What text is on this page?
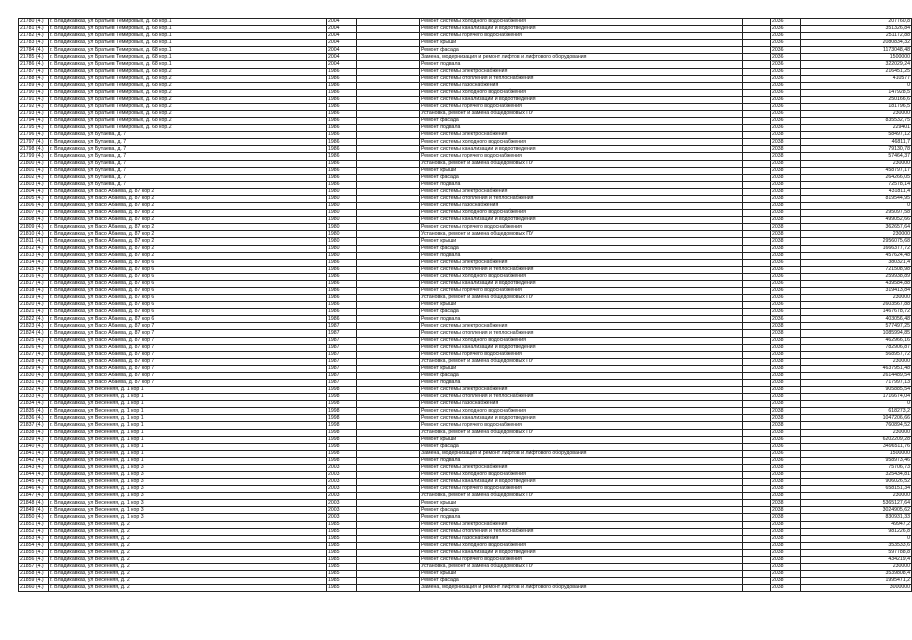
21780 (4.)	г. Владикавказ, ул Братьев Темировых, д. 68 кор.1	2004		Ремонт системы холодного водоснабжения		2036	207760,8
21781 (4.)	г. Владикавказ, ул Братьев Темировых, д. 68 кор.1	2004		Ремонт системы канализации и водоотведения		2036	351326,84
21782 (4.)	г. Владикавказ, ул Братьев Темировых, д. 68 кор.1	2004		Ремонт системы горячего водоснабжения		2036	251172,88
21783 (4.)	г. Владикавказ, ул Братьев Темировых, д. 68 кор.1	2004		Ремонт крыши		2036	2080834,32
21784 (4.)	г. Владикавказ, ул Братьев Темировых, д. 68 кор.1	2004		Ремонт фасада		2036	1173048,48
21785 (4.)	г. Владикавказ, ул Братьев Темировых, д. 68 кор.1	2004		Замена, модернизация и ремонт лифтов и лифтового оборудования		2036	1500000
21786 (4.)	г. Владикавказ, ул Братьев Темировых, д. 68 кор.1	2004		Ремонт подвала		2036	322029,24
21787 (4.)	г. Владикавказ, ул Братьев Темировых, д. 68 кор.2	1986		Ремонт системы электроснабжения		2036	216451,25
21788 (4.)	г. Владикавказ, ул Братьев Темировых, д. 68 кор.2	1986		Ремонт системы отопления и теплоснабжения		2036	410577
21789 (4.)	г. Владикавказ, ул Братьев Темировых, д. 68 кор.2	1986		Ремонт системы газоснабжения		2036	0
21790 (4.)	г. Владикавказ, ул Братьев Темировых, д. 68 кор.2	1986		Ремонт системы холодного водоснабжения		2036	147928,5
21791 (4.)	г. Владикавказ, ул Братьев Темировых, д. 68 кор.2	1986		Ремонт системы канализации и водоотведения		2036	250166,6
21792 (4.)	г. Владикавказ, ул Братьев Темировых, д. 68 кор.2	1986		Ремонт системы горячего водоснабжения		2036	181796,5
21793 (4.)	г. Владикавказ, ул Братьев Темировых, д. 68 кор.2	1986		Установка, ремонт и замена общедомовых ПУ		2036	230000
21794 (4.)	г. Владикавказ, ул Братьев Темировых, д. 68 кор.2	1986		Ремонт фасада		2036	835532,75
21795 (4.)	г. Владикавказ, ул Братьев Темировых, д. 68 кор.2	1986		Ремонт подвала		2036	229401
21796 (4.)	г. Владикавказ, ул Бутаева, д. 7	1986		Ремонт системы электроснабжения		2038	58497,12
21797 (4.)	г. Владикавказ, ул Бутаева, д. 7	1986		Ремонт системы холодного водоснабжения		2038	46811,7
21798 (4.)	г. Владикавказ, ул Бутаева, д. 7	1986		Ремонт системы канализации и водоотведения		2038	79130,78
21799 (4.)	г. Владикавказ, ул Бутаева, д. 7	1986		Ремонт системы горячего водоснабжения		2038	57464,37
21800 (4.)	г. Владикавказ, ул Бутаева, д. 7	1986		Установка, ремонт и замена общедомовых ПУ		2038	230000
21801 (4.)	г. Владикавказ, ул Бутаева, д. 7	1986		Ремонт крыши		2038	458797,17
21802 (4.)	г. Владикавказ, ул Бутаева, д. 7	1986		Ремонт фасада		2038	264266,05
21803 (4.)	г. Владикавказ, ул Бутаева, д. 7	1986		Ремонт подвала		2038	72578,14
21804 (4.)	г. Владикавказ, ул Васо Абаева, д. 87 кор 2	1980		Ремонт системы электроснабжения		2038	431811,4
21805 (4.)	г. Владикавказ, ул Васо Абаева, д. 87 кор 2	1980		Ремонт системы отопления и теплоснабжения		2038	819544,95
21806 (4.)	г. Владикавказ, ул Васо Абаева, д. 87 кор 2	1980		Ремонт системы газоснабжения		2038	0
21807 (4.)	г. Владикавказ, ул Васо Абаева, д. 87 кор 2	1980		Ремонт системы холодного водоснабжения		2038	295097,58
21808 (4.)	г. Владикавказ, ул Васо Абаева, д. 87 кор 2	1980		Ремонт системы канализации и водоотведения		2038	499052,66
21809 (4.)	г. Владикавказ, ул Васо Абаева, д. 87 кор 2	1980		Ремонт системы горячего водоснабжения		2038	362657,64
21810 (4.)	г. Владикавказ, ул Васо Абаева, д. 87 кор 2	1980		Установка, ремонт и замена общедомовых ПУ		2038	230000
21811 (4.)	г. Владикавказ, ул Васо Абаева, д. 87 кор 2	1980		Ремонт крыши		2038	2956075,68
21812 (4.)	г. Владикавказ, ул Васо Абаева, д. 87 кор 2	1980		Ремонт фасада		2038	1666377,72
21813 (4.)	г. Владикавказ, ул Васо Абаева, д. 87 кор 2	1980		Ремонт подвала		2038	457624,48
21814 (4.)	г. Владикавказ, ул Васо Абаева, д. 87 кор 6	1986		Ремонт системы электроснабжения		2036	380321,4
21815 (4.)	г. Владикавказ, ул Васо Абаева, д. 87 кор 6	1986		Ремонт системы отопления и теплоснабжения		2036	721508,98
21816 (4.)	г. Владикавказ, ул Васо Абаева, д. 87 кор 6	1986		Ремонт системы холодного водоснабжения		2036	259938,89
21817 (4.)	г. Владикавказ, ул Васо Абаева, д. 87 кор 6	1986		Ремонт системы канализации и водоотведения		2036	439584,88
21818 (4.)	г. Владикавказ, ул Васо Абаева, д. 87 кор 6	1986		Ремонт системы горячего водоснабжения		2036	319413,84
21819 (4.)	г. Владикавказ, ул Васо Абаева, д. 87 кор 6	1986		Установка, ремонт и замена общедомовых ПУ		2036	230000
21820 (4.)	г. Владикавказ, ул Васо Абаева, д. 87 кор 6	1986		Ремонт крыши		2036	2603567,88
21821 (4.)	г. Владикавказ, ул Васо Абаева, д. 87 кор 6	1986		Ремонт фасада		2036	1467678,72
21822 (4.)	г. Владикавказ, ул Васо Абаева, д. 87 кор 6	1986		Ремонт подвала		2036	403056,48
21823 (4.)	г. Владикавказ, ул Васо Абаева, д. 87 кор 7	1987		Ремонт системы электроснабжения		2038	577497,25
21824 (4.)	г. Владикавказ, ул Васо Абаева, д. 87 кор 7	1987		Ремонт системы отопления и теплоснабжения		2038	1085994,85
21825 (4.)	г. Владикавказ, ул Васо Абаева, д. 87 кор 7	1987		Ремонт системы холодного водоснабжения		2038	462966,16
21826 (4.)	г. Владикавказ, ул Васо Абаева, д. 87 кор 7	1987		Ремонт системы канализации и водоотведения		2038	782906,87
21827 (4.)	г. Владикавказ, ул Васо Абаева, д. 87 кор 7	1987		Ремонт системы горячего водоснабжения		2038	568957,72
21828 (4.)	г. Владикавказ, ул Васо Абаева, д. 87 кор 7	1987		Установка, ремонт и замена общедомовых ПУ		2038	230000
21829 (4.)	г. Владикавказ, ул Васо Абаева, д. 87 кор 7	1987		Ремонт крыши		2038	4637951,48
21830 (4.)	г. Владикавказ, ул Васо Абаева, д. 87 кор 7	1987		Ремонт фасада		2038	2614489,54
21831 (4.)	г. Владикавказ, ул Васо Абаева, д. 87 кор 7	1987		Ремонт подвала		2038	717997,13
21832 (4.)	г. Владикавказ, ул Весенняя, д. 1 кор 1	1998		Ремонт системы электроснабжения		2038	905885,54
21833 (4.)	г. Владикавказ, ул Весенняя, д. 1 кор 1	1998		Ремонт системы отопления и теплоснабжения		2038	1716674,04
21834 (4.)	г. Владикавказ, ул Весенняя, д. 1 кор 1	1998		Ремонт системы газоснабжения		2038	0
21835 (4.)	г. Владикавказ, ул Весенняя, д. 1 кор 1	1998		Ремонт системы холодного водоснабжения		2038	618273,2
21836 (4.)	г. Владикавказ, ул Весенняя, д. 1 кор 1	1998		Ремонт системы канализации и водоотведения		2038	1047206,66
21837 (4.)	г. Владикавказ, ул Весенняя, д. 1 кор 1	1998		Ремонт системы горячего водоснабжения		2038	760894,52
21838 (4.)	г. Владикавказ, ул Весенняя, д. 1 кор 1	1998		Установка, ремонт и замена общедомовых ПУ		2038	230000
21839 (4.)	г. Владикавказ, ул Весенняя, д. 1 кор 1	1998		Ремонт крыши		2036	6202209,28
21840 (4.)	г. Владикавказ, ул Весенняя, д. 1 кор 1	1998		Ремонт фасада		2036	3496511,76
21841 (4.)	г. Владикавказ, ул Весенняя, д. 1 кор 1	1998		Замена, модернизация и ремонт лифтов и лифтового оборудования		2036	1500000
21842 (4.)	г. Владикавказ, ул Весенняя, д. 1 кор 1	1998		Ремонт подвала		2036	958973,46
21843 (4.)	г. Владикавказ, ул Весенняя, д. 1 кор 3	2003		Ремонт системы электроснабжения		2038	75706,73
21844 (4.)	г. Владикавказ, ул Весенняя, д. 1 кор 3	2003		Ремонт системы холодного водоснабжения		2038	325434,81
21845 (4.)	г. Владикавказ, ул Весенняя, д. 1 кор 3	2003		Ремонт системы канализации и водоотведения		2038	906026,52
21846 (4.)	г. Владикавказ, ул Весенняя, д. 1 кор 3	2003		Ремонт системы горячего водоснабжения		2038	658151,34
21847 (4.)	г. Владикавказ, ул Весенняя, д. 1 кор 3	2003		Установка, ремонт и замена общедомовых ПУ		2038	230000
21848 (4.)	г. Владикавказ, ул Весенняя, д. 1 кор 3	2003		Ремонт крыши		2038	5365127,64
21849 (4.)	г. Владикавказ, ул Весенняя, д. 1 кор 3	2003		Ремонт фасада		2038	3024905,62
21850 (4.)	г. Владикавказ, ул Весенняя, д. 1 кор 3	2003		Ремонт подвала		2038	830931,33
21851 (4.)	г. Владикавказ, ул Весенняя, д. 2	1985		Ремонт системы электроснабжения		2038	49947,2
21852 (4.)	г. Владикавказ, ул Весенняя, д. 2	1985		Ремонт системы отопления и теплоснабжения		2038	981226,8
21853 (4.)	г. Владикавказ, ул Весенняя, д. 2	1985		Ремонт системы газоснабжения		2038	0
21854 (4.)	г. Владикавказ, ул Весенняя, д. 2	1985		Ремонт системы холодного водоснабжения		2038	353533,6
21855 (4.)	г. Владикавказ, ул Весенняя, д. 2	1985		Ремонт системы канализации и водоотведения		2038	597788,8
21856 (4.)	г. Владикавказ, ул Весенняя, д. 2	1985		Ремонт системы горячего водоснабжения		2038	434219,4
21857 (4.)	г. Владикавказ, ул Весенняя, д. 2	1985		Установка, ремонт и замена общедомовых ПУ		2038	230000
21858 (4.)	г. Владикавказ, ул Весенняя, д. 2	1985		Ремонт крыши		2038	3539808,4
21859 (4.)	г. Владикавказ, ул Весенняя, д. 2	1985		Ремонт фасада		2038	1995471,2
21860 (4.)	г. Владикавказ, ул Весенняя, д. 2	1985		Замена, модернизация и ремонт лифтов и лифтового оборудования		2038	3000000
